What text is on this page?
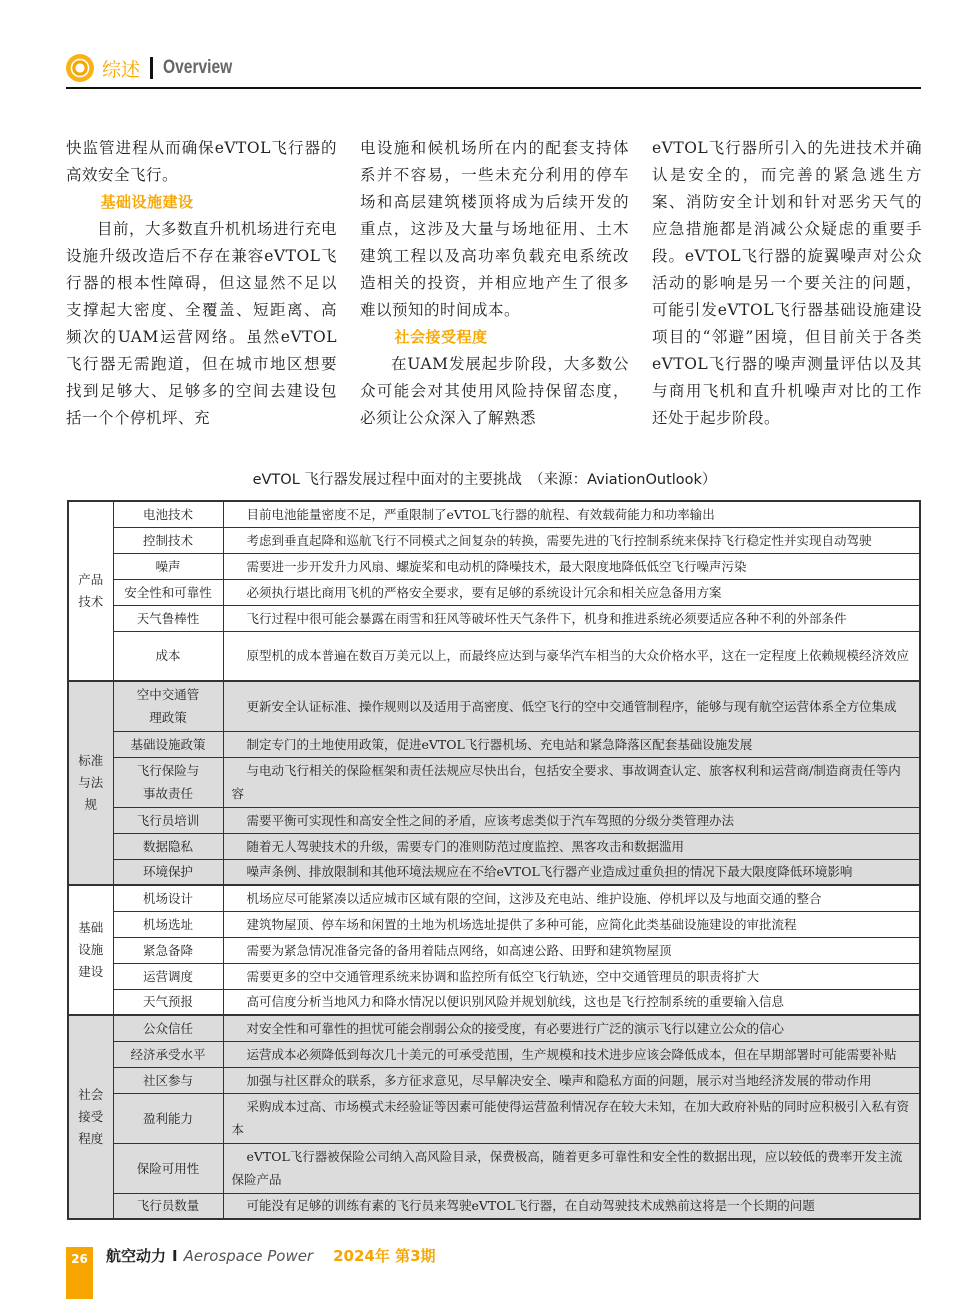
综述 Overview

快监管进程从而确保eVTOL飞行器的高效安全飞行。

基础设施建设

目前，大多数直升机机场进行充电设施升级改造后不存在兼容eVTOL飞行器的根本性障碍，但这显然不足以支撑起大密度、全覆盖、短距离、高频次的UAM运营网络。虽然eVTOL飞行器无需跑道，但在城市地区想要找到足够大、足够多的空间去建设包括一个个停机坪、充

电设施和候机场所在内的配套支持体系并不容易，一些未充分利用的停车场和高层建筑楼顶将成为后续开发的重点，这涉及大量与场地征用、土木建筑工程以及高功率负载充电系统改造相关的投资，并相应地产生了很多难以预知的时间成本。

社会接受程度

在UAM发展起步阶段，大多数公众可能会对其使用风险持保留态度，必须让公众深入了解熟悉

eVTOL飞行器所引入的先进技术并确认是安全的，而完善的紧急逃生方案、消防安全计划和针对恶劣天气的应急措施都是消减公众疑虑的重要手段。eVTOL飞行器的旋翼噪声对公众活动的影响是另一个要关注的问题，可能引发eVTOL飞行器基础设施建设项目的“邻避”困境，但目前关于各类eVTOL飞行器的噪声测量评估以及其与商用飞机和直升机噪声对比的工作还处于起步阶段。

eVTOL 飞行器发展过程中面对的主要挑战　（来源：AviationOutlook）
产品技术	电池技术	目前电池能量密度不足，严重限制了eVTOL飞行器的航程、有效载荷能力和功率输出
	控制技术	考虑到垂直起降和巡航飞行不同模式之间复杂的转换，需要先进的飞行控制系统来保持飞行稳定性并实现自动驾驶
	噪声	需要进一步开发升力风扇、螺旋桨和电动机的降噪技术，最大限度地降低低空飞行噪声污染
	安全性和可靠性	必须执行堪比商用飞机的严格安全要求，要有足够的系统设计冗余和相关应急备用方案
	天气鲁棒性	飞行过程中很可能会暴露在雨雪和狂风等破坏性天气条件下，机身和推进系统必须要适应各种不利的外部条件
	成本	原型机的成本普遍在数百万美元以上，而最终应达到与豪华汽车相当的大众价格水平，这在一定程度上依赖规模经济效应
标准与法规	空中交通管理政策	更新安全认证标准、操作规则以及适用于高密度、低空飞行的空中交通管制程序，能够与现有航空运营体系全方位集成
	基础设施政策	制定专门的土地使用政策，促进eVTOL飞行器机场、充电站和紧急降落区配套基础设施发展
	飞行保险与事故责任	与电动飞行相关的保险框架和责任法规应尽快出台，包括安全要求、事故调查认定、旅客权利和运营商/制造商责任等内容
	飞行员培训	需要平衡可实现性和高安全性之间的矛盾，应该考虑类似于汽车驾照的分级分类管理办法
	数据隐私	随着无人驾驶技术的升级，需要专门的准则防范过度监控、黑客攻击和数据滥用
	环境保护	噪声条例、排放限制和其他环境法规应在不给eVTOL飞行器产业造成过重负担的情况下最大限度降低环境影响
基础设施建设	机场设计	机场应尽可能紧凑以适应城市区域有限的空间，这涉及充电站、维护设施、停机坪以及与地面交通的整合
	机场选址	建筑物屋顶、停车场和闲置的土地为机场选址提供了多种可能，应简化此类基础设施建设的审批流程
	紧急备降	需要为紧急情况准备完备的备用着陆点网络，如高速公路、田野和建筑物屋顶
	运营调度	需要更多的空中交通管理系统来协调和监控所有低空飞行轨迹，空中交通管理员的职责将扩大
	天气预报	高可信度分析当地风力和降水情况以便识别风险并规划航线，这也是飞行控制系统的重要输入信息
社会接受程度	公众信任	对安全性和可靠性的担忧可能会削弱公众的接受度，有必要进行广泛的演示飞行以建立公众的信心
	经济承受水平	运营成本必须降低到每次几十美元的可承受范围，生产规模和技术进步应该会降低成本，但在早期部署时可能需要补贴
	社区参与	加强与社区群众的联系，多方征求意见，尽早解决安全、噪声和隐私方面的问题，展示对当地经济发展的带动作用
	盈利能力	采购成本过高、市场模式未经验证等因素可能使得运营盈利情况存在较大未知，在加大政府补贴的同时应积极引入私有资本
	保险可用性	eVTOL飞行器被保险公司纳入高风险目录，保费极高，随着更多可靠性和安全性的数据出现，应以较低的费率开发主流保险产品
	飞行员数量	可能没有足够的训练有素的飞行员来驾驶eVTOL飞行器，在自动驾驶技术成熟前这将是一个长期的问题
26	航空动力 I Aerospace Power 2024年 第3期
